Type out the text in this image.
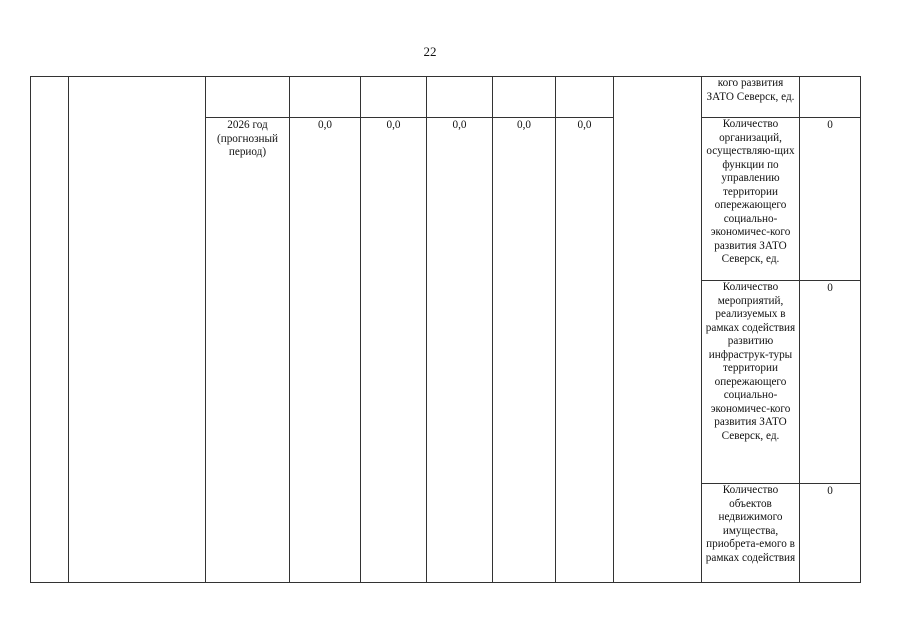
22

									кого развития ЗАТО Северск, ед.	

		2026 год (прогнозный период)	0,0	0,0	0,0	0,0	0,0		Количество организаций, осуществляю-щих функции по управлению территории опережающего социально-экономичес-кого развития ЗАТО Северск, ед.	0

									Количество мероприятий, реализуемых в рамках содействия развитию инфраструк-туры территории опережающего социально-экономичес-кого развития ЗАТО Северск, ед.	0

									Количество объектов недвижимого имущества, приобрета-емого в рамках содействия	0
